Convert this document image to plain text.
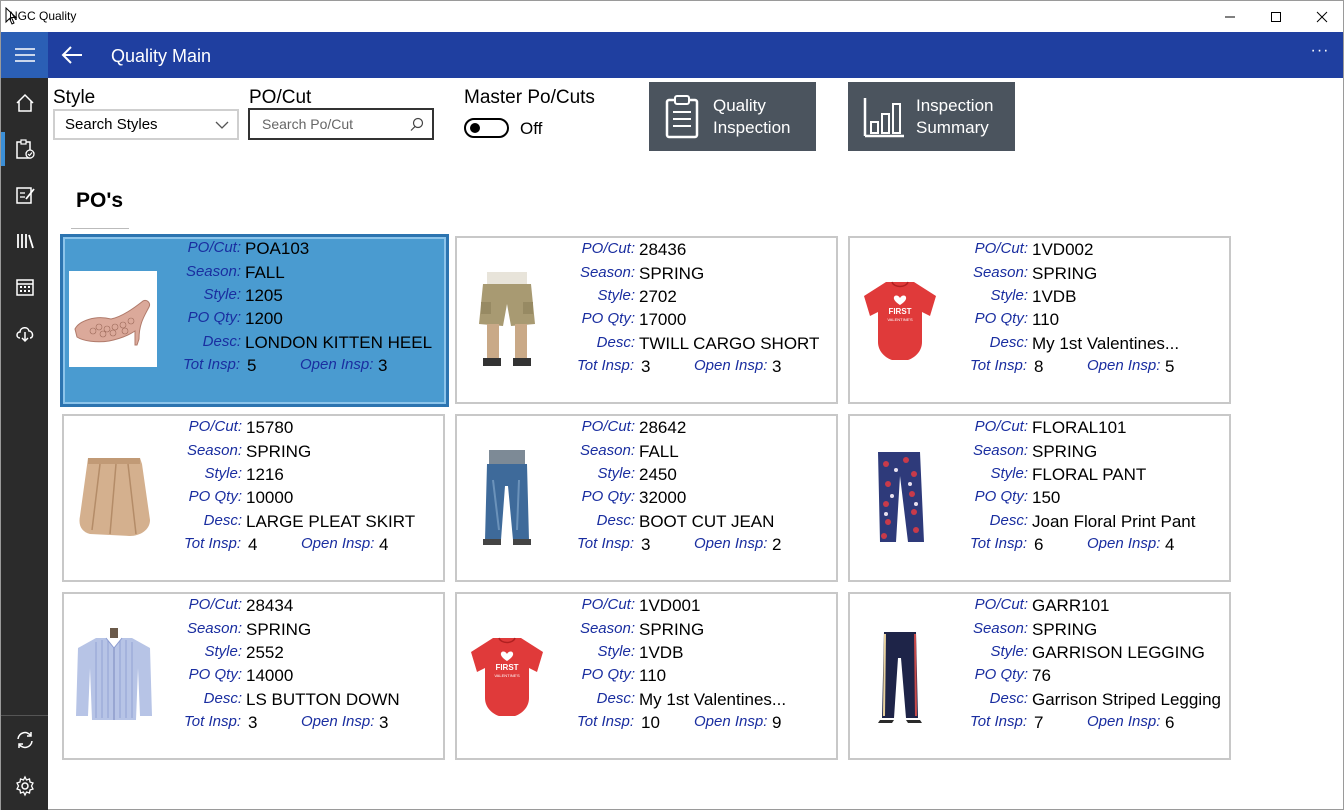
NGC Quality
Quality Main	···
Style
Search Styles
PO/Cut
Search Po/Cut
Master Po/Cuts
Off
Quality
Inspection
Inspection
Summary
PO's
PO/Cut: POA103
Season: FALL
Style: 1205
PO Qty: 1200
Desc: LONDON KITTEN HEEL
Tot Insp: 5	Open Insp: 3
PO/Cut: 28436
Season: SPRING
Style: 2702
PO Qty: 17000
Desc: TWILL CARGO SHORT
Tot Insp: 3	Open Insp: 3
PO/Cut: 1VD002
Season: SPRING
Style: 1VDB
PO Qty: 110
Desc: My 1st Valentines...
Tot Insp: 8	Open Insp: 5
PO/Cut: 15780
Season: SPRING
Style: 1216
PO Qty: 10000
Desc: LARGE PLEAT SKIRT
Tot Insp: 4	Open Insp: 4
PO/Cut: 28642
Season: FALL
Style: 2450
PO Qty: 32000
Desc: BOOT CUT JEAN
Tot Insp: 3	Open Insp: 2
PO/Cut: FLORAL101
Season: SPRING
Style: FLORAL PANT
PO Qty: 150
Desc: Joan Floral Print Pant
Tot Insp: 6	Open Insp: 4
PO/Cut: 28434
Season: SPRING
Style: 2552
PO Qty: 14000
Desc: LS BUTTON DOWN
Tot Insp: 3	Open Insp: 3
PO/Cut: 1VD001
Season: SPRING
Style: 1VDB
PO Qty: 110
Desc: My 1st Valentines...
Tot Insp: 10 Open Insp: 9
PO/Cut: GARR101
Season: SPRING
Style: GARRISON LEGGING
PO Qty: 76
Desc: Garrison Striped Legging
Tot Insp: 7	Open Insp: 6
